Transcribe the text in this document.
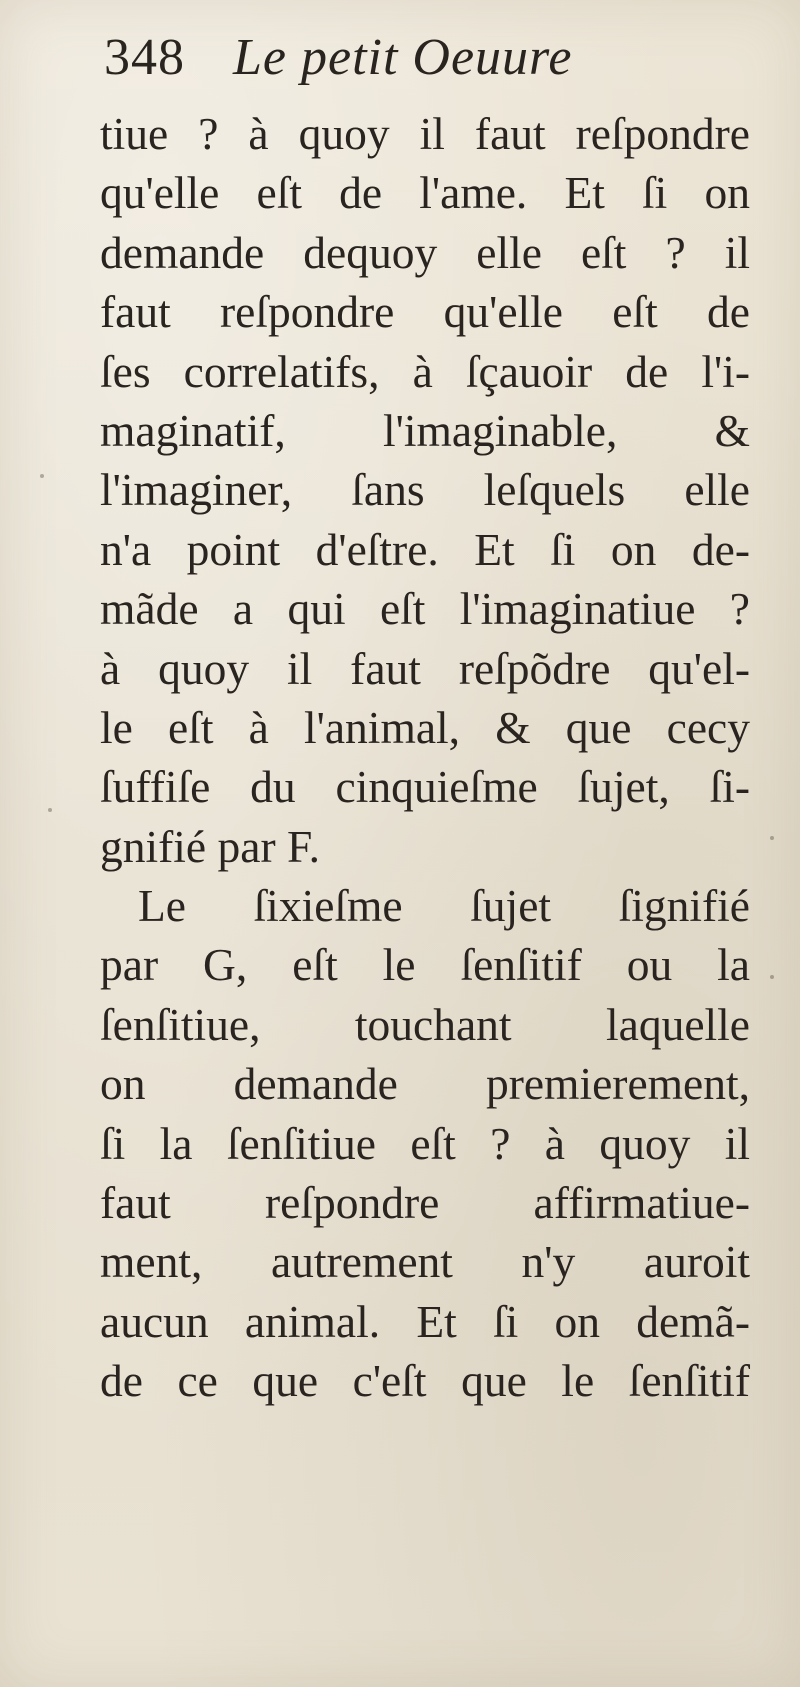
348 Le petit Oeuure
tiue ? à quoy il faut reſpondre
qu'elle eſt de l'ame. Et ſi on
demande dequoy elle eſt ? il
faut reſpondre qu'elle eſt de
ſes correlatifs, à ſçauoir de l'i-
maginatif, l'imaginable, &
l'imaginer, ſans leſquels elle
n'a point d'eſtre. Et ſi on de-
mãde a qui eſt l'imaginatiue ?
à quoy il faut reſpõdre qu'el-
le eſt à l'animal, & que cecy
ſuffiſe du cinquieſme ſujet, ſi-
gnifié par F.
Le ſixieſme ſujet ſignifié
par G, eſt le ſenſitif ou la
ſenſitiue, touchant laquelle
on demande premierement,
ſi la ſenſitiue eſt ? à quoy il
faut reſpondre affirmatiue-
ment, autrement n'y auroit
aucun animal. Et ſi on demã-
de ce que c'eſt que le ſenſitif
